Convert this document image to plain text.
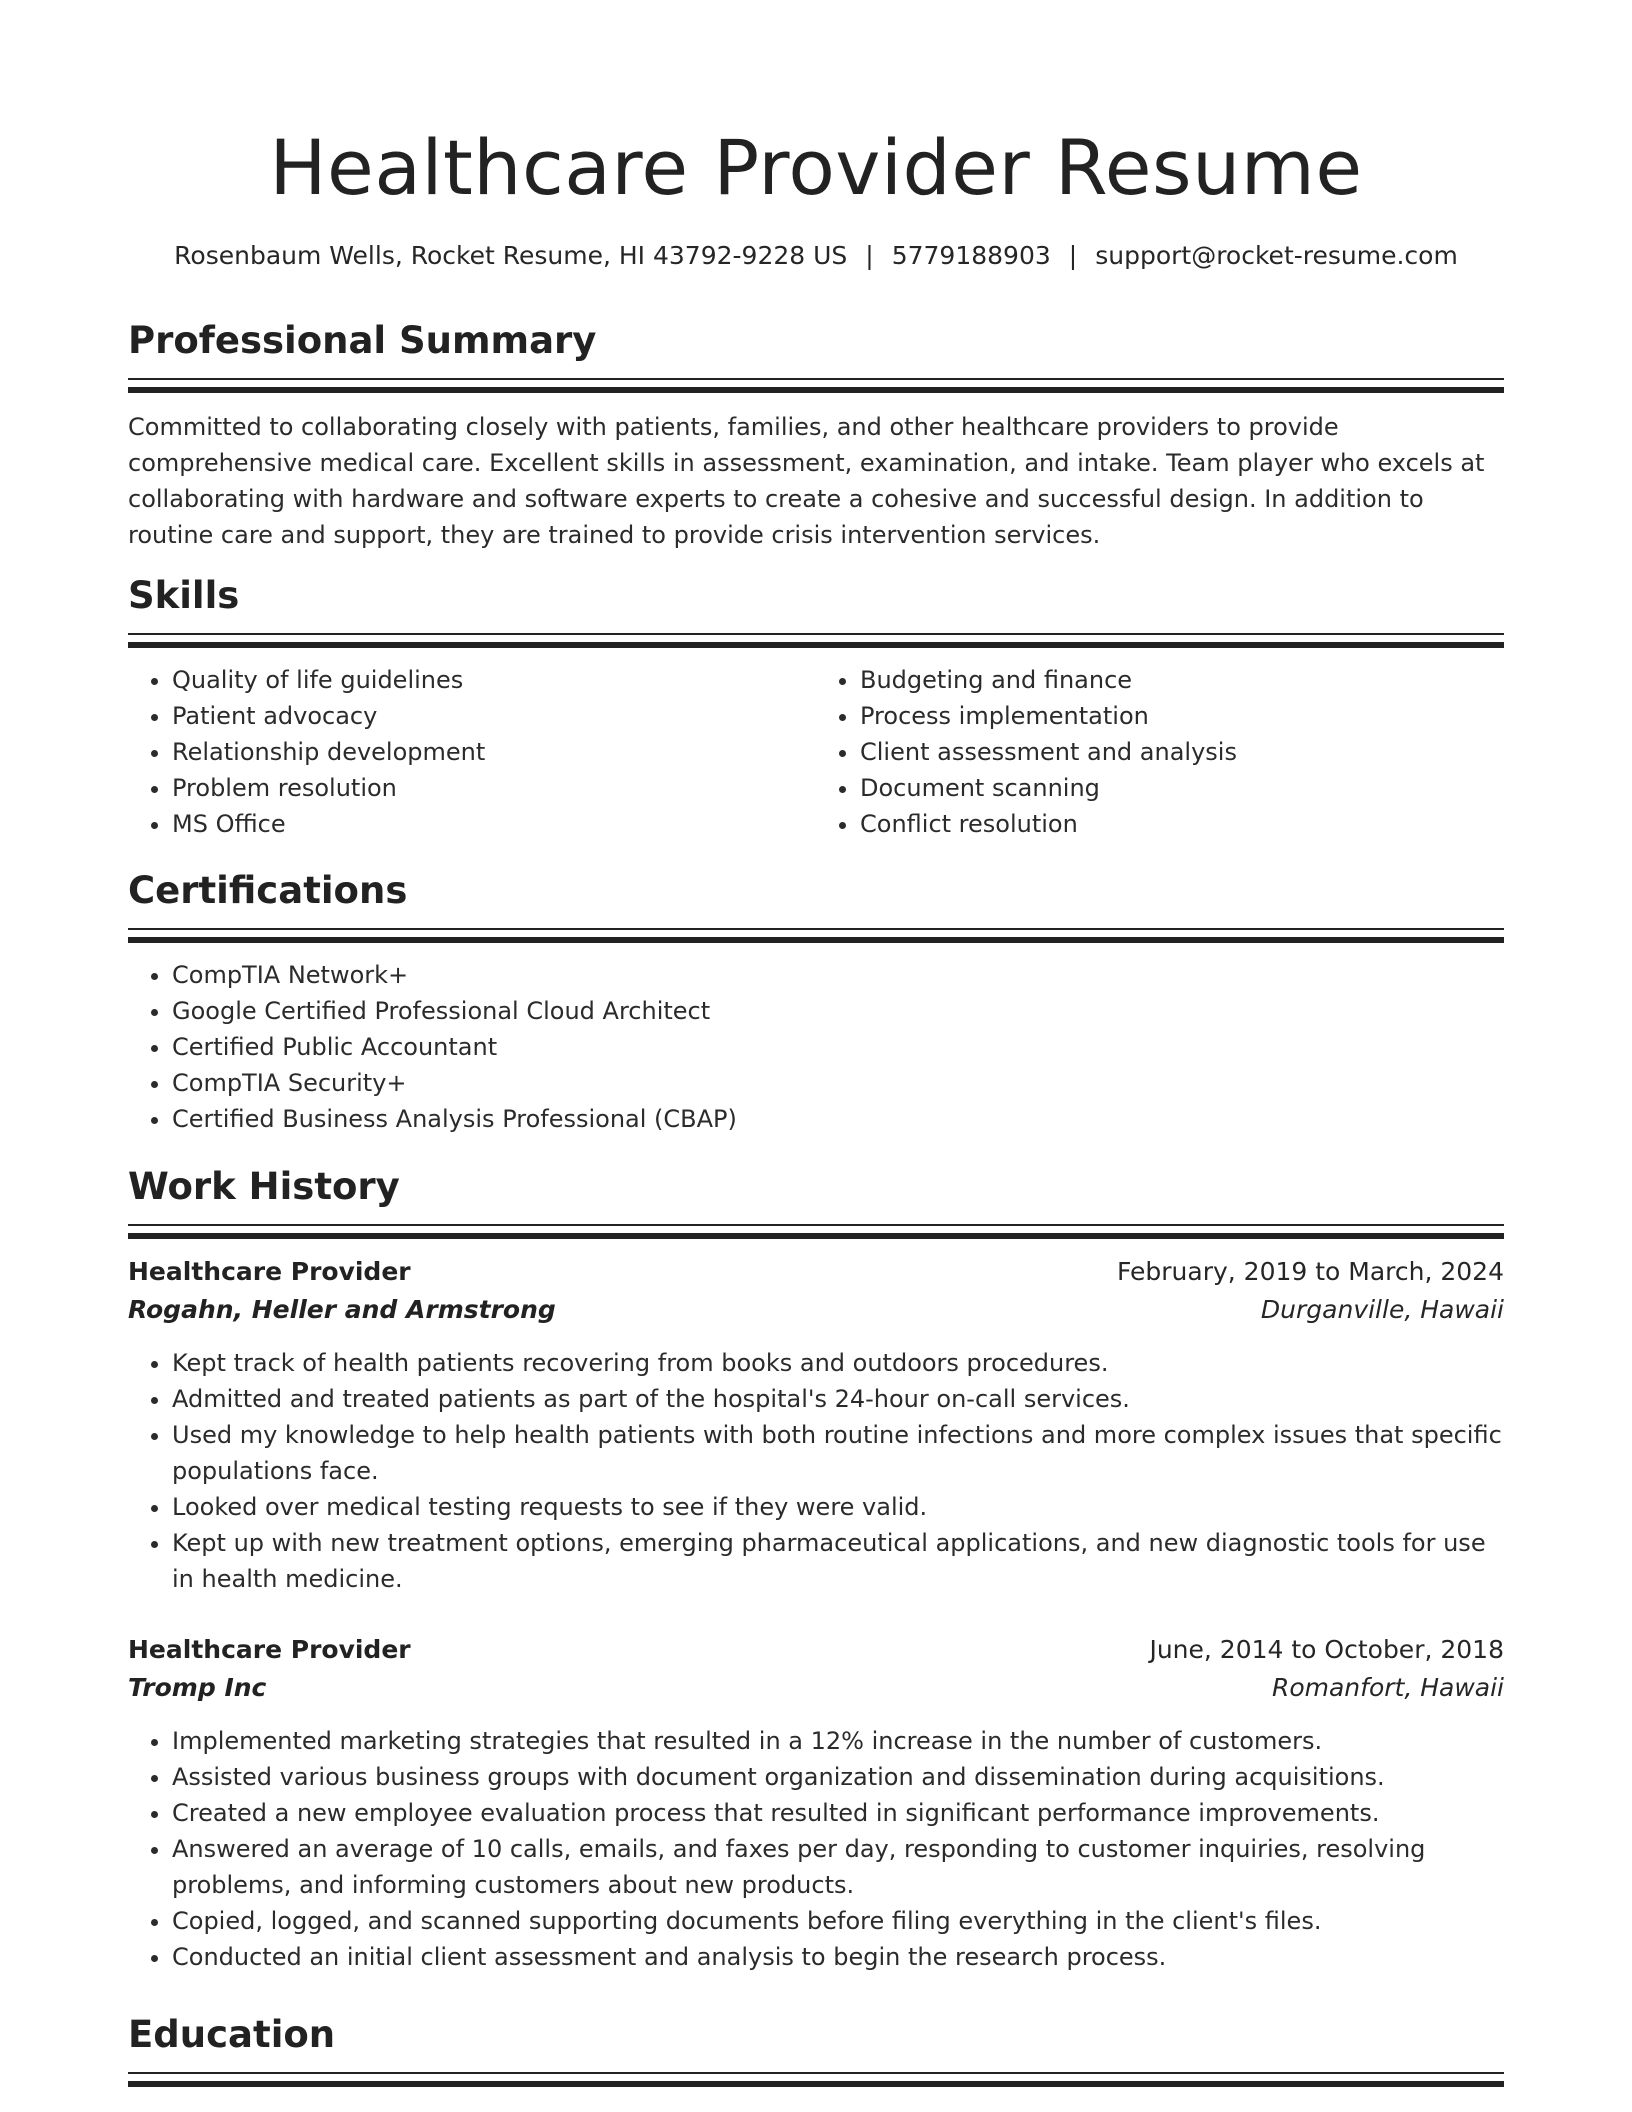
Healthcare Provider Resume
Rosenbaum Wells, Rocket Resume, HI 43792-9228 US | 5779188903 | support@rocket-resume.com
Professional Summary

Committed to collaborating closely with patients, families, and other healthcare providers to provide comprehensive medical care. Excellent skills in assessment, examination, and intake. Team player who excels at collaborating with hardware and software experts to create a cohesive and successful design. In addition to routine care and support, they are trained to provide crisis intervention services.

Skills
• Quality of life guidelines
• Patient advocacy
• Relationship development
• Problem resolution
• MS Office
• Budgeting and finance
• Process implementation
• Client assessment and analysis
• Document scanning
• Conflict resolution
Certifications
• CompTIA Network+
• Google Certified Professional Cloud Architect
• Certified Public Accountant
• CompTIA Security+
• Certified Business Analysis Professional (CBAP)
Work History
Healthcare Provider	February, 2019 to March, 2024
Rogahn, Heller and Armstrong	Durganville, Hawaii
• Kept track of health patients recovering from books and outdoors procedures.
• Admitted and treated patients as part of the hospital's 24-hour on-call services.
• Used my knowledge to help health patients with both routine infections and more complex issues that specific populations face.
• Looked over medical testing requests to see if they were valid.
• Kept up with new treatment options, emerging pharmaceutical applications, and new diagnostic tools for use in health medicine.
Healthcare Provider	June, 2014 to October, 2018
Tromp Inc	Romanfort, Hawaii
• Implemented marketing strategies that resulted in a 12% increase in the number of customers.
• Assisted various business groups with document organization and dissemination during acquisitions.
• Created a new employee evaluation process that resulted in significant performance improvements.
• Answered an average of 10 calls, emails, and faxes per day, responding to customer inquiries, resolving problems, and informing customers about new products.
• Copied, logged, and scanned supporting documents before filing everything in the client's files.
• Conducted an initial client assessment and analysis to begin the research process.
Education
